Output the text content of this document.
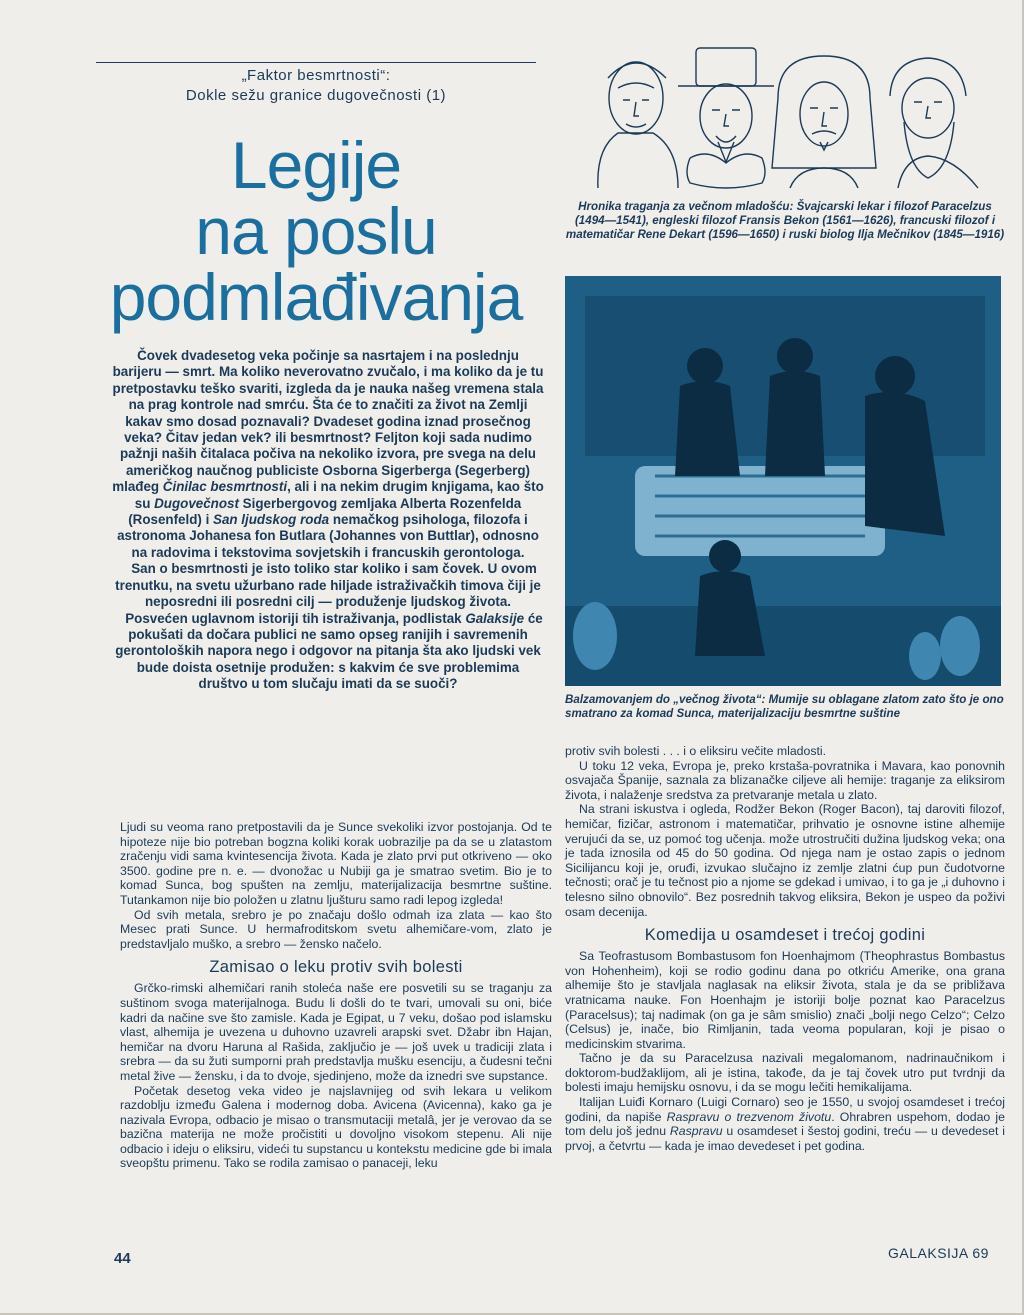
„Faktor besmrtnosti“:
Dokle sežu granice dugovečnosti (1)
Legije
na poslu
podmlađivanja

Čovek dvadesetog veka počinje sa nasrtajem i na poslednju barijeru — smrt. Ma koliko neverovatno zvučalo, i ma koliko da je tu pretpostavku teško svariti, izgleda da je nauka našeg vremena stala na prag kontrole nad smrću. Šta će to značiti za život na Zemlji kakav smo dosad poznavali? Dvadeset godina iznad prosečnog veka? Čitav jedan vek? ili besmrtnost? Feljton koji sada nudimo pažnji naših čitalaca počiva na nekoliko izvora, pre svega na delu američkog naučnog publiciste Osborna Sigerberga (Segerberg) mlađeg Činilac besmrtnosti, ali i na nekim drugim knjigama, kao što su Dugovečnost Sigerbergovog zemljaka Alberta Rozenfelda (Rosenfeld) i San ljudskog roda nemačkog psihologa, filozofa i astronoma Johanesa fon Butlara (Johannes von Buttlar), odnosno na radovima i tekstovima sovjetskih i francuskih gerontologa.

San o besmrtnosti je isto toliko star koliko i sam čovek. U ovom trenutku, na svetu užurbano rade hiljade istraživačkih timova čiji je neposredni ili posredni cilj — produženje ljudskog života.

Posvećen uglavnom istoriji tih istraživanja, podlistak Galaksije će pokušati da dočara publici ne samo opseg ranijih i savremenih gerontoloških napora nego i odgovor na pitanja šta ako ljudski vek bude doista osetnije produžen: s kakvim će sve problemima društvo u tom slučaju imati da se suoči?

Ljudi su veoma rano pretpostavili da je Sunce svekoliki izvor postojanja. Od te hipoteze nije bio potreban bogzna koliki korak uobrazilje pa da se u zlatastom zračenju vidi sama kvintesencija života. Kada je zlato prvi put otkriveno — oko 3500. godine pre n. e. — dvonožac u Nubiji ga je smatrao svetim. Bio je to komad Sunca, bog spušten na zemlju, materijalizacija besmrtne suštine. Tutankamon nije bio položen u zlatnu ljušturu samo radi lepog izgleda!

Od svih metala, srebro je po značaju došlo odmah iza zlata — kao što Mesec prati Sunce. U hermafroditskom svetu alhemičare-vom, zlato je predstavljalo muško, a srebro — žensko načelo.

Zamisao o leku protiv svih bolesti

Grčko-rimski alhemičari ranih stoleća naše ere posvetili su se traganju za suštinom svoga materijalnoga. Budu li došli do te tvari, umovali su oni, biće kadri da načine sve što zamisle. Kada je Egipat, u 7 veku, došao pod islamsku vlast, alhemija je uvezena u duhovno uzavreli arapski svet. Džabr ibn Hajan, hemičar na dvoru Haruna al Rašida, zaključio je — još uvek u tradiciji zlata i srebra — da su žuti sumporni prah predstavlja mušku esenciju, a čudesni tečni metal žive — žensku, i da to dvoje, sjedinjeno, može da iznedri sve supstance.

Početak desetog veka video je najslavnijeg od svih lekara u velikom razdoblju između Galena i modernog doba. Avicena (Avicenna), kako ga je nazivala Evropa, odbacio je misao o transmutaciji metalâ, jer je verovao da se bazična materija ne može pročistiti u dovoljno visokom stepenu. Ali nije odbacio i ideju o eliksiru, videći tu supstancu u kontekstu medicine gde bi imala sveopštu primenu. Tako se rodila zamisao o panaceji, leku

Hronika traganja za večnom mladošću: Švajcarski lekar i filozof Paracelzus (1494—1541), engleski filozof Fransis Bekon (1561—1626), francuski filozof i matematičar Rene Dekart (1596—1650) i ruski biolog Ilja Mečnikov (1845—1916)
Balzamovanjem do „večnog života“: Mumije su oblagane zlatom zato što je ono smatrano za komad Sunca, materijalizaciju besmrtne suštine

protiv svih bolesti . . . i o eliksiru večite mladosti.

U toku 12 veka, Evropa je, preko krstaša-povratnika i Mavara, kao ponovnih osvajača Španije, saznala za blizanačke ciljeve ali hemije: traganje za eliksirom života, i nalaženje sredstva za pretvaranje metala u zlato.

Na strani iskustva i ogleda, Rodžer Bekon (Roger Bacon), taj daroviti filozof, hemičar, fizičar, astronom i matematičar, prihvatio je osnovne istine alhemije verujući da se, uz pomoć tog učenja. može utrostručiti dužina ljudskog veka; ona je tada iznosila od 45 do 50 godina. Od njega nam je ostao zapis o jednom Sicilijancu koji je, oruđi, izvukao slučajno iz zemlje zlatni ćup pun čudotvorne tečnosti; orač je tu tečnost pio a njome se gdekad i umivao, i to ga je „i duhovno i telesno silno obnovilo“. Bez posrednih takvog eliksira, Bekon je uspeo da poživi osam decenija.

Komedija u osamdeset i trećoj godini

Sa Teofrastusom Bombastusom fon Hoenhajmom (Theophrastus Bombastus von Hohenheim), koji se rodio godinu dana po otkriću Amerike, ona grana alhemije što je stavljala naglasak na eliksir života, stala je da se približava vratnicama nauke. Fon Hoenhajm je istoriji bolje poznat kao Paracelzus (Paracelsus); taj nadimak (on ga je sâm smislio) znači „bolji nego Celzo“; Celzo (Celsus) je, inače, bio Rimljanin, tada veoma popularan, koji je pisao o medicinskim stvarima.

Tačno je da su Paracelzusa nazivali megalomanom, nadrinaučnikom i doktorom-budžaklijom, ali je istina, takođe, da je taj čovek utro put tvrdnji da bolesti imaju hemijsku osnovu, i da se mogu lečiti hemikalijama.

Italijan Luiđi Kornaro (Luigi Cornaro) seo je 1550, u svojoj osamdeset i trećoj godini, da napiše Raspravu o trezvenom životu. Ohrabren uspehom, dodao je tom delu još jednu Raspravu u osamdeset i šestoj godini, treću — u devedeset i prvoj, a četvrtu — kada je imao devedeset i pet godina.

44	GALAKSIJA 69
